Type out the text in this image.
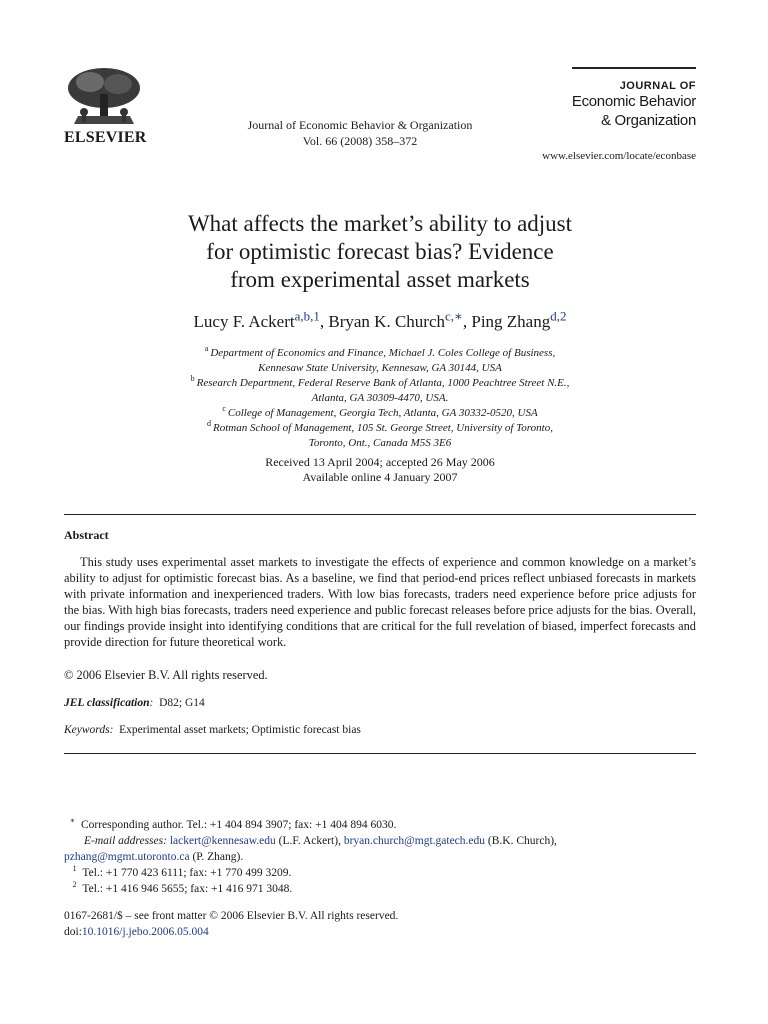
ELSEVIER
Journal of Economic Behavior & Organization
Vol. 66 (2008) 358–372
JOURNAL OF
Economic Behavior
& Organization
www.elsevier.com/locate/econbase
What affects the market’s ability to adjust
for optimistic forecast bias? Evidence
from experimental asset markets
Lucy F. Ackert$^{a,b,1}$, Bryan K. Church$^{c,∗}$, Ping Zhang$^{d,2}$
$^a$ Department of Economics and Finance, Michael J. Coles College of Business,
Kennesaw State University, Kennesaw, GA 30144, USA
$^b$ Research Department, Federal Reserve Bank of Atlanta, 1000 Peachtree Street N.E.,
Atlanta, GA 30309-4470, USA.
$^c$ College of Management, Georgia Tech, Atlanta, GA 30332-0520, USA
$^d$ Rotman School of Management, 105 St. George Street, University of Toronto,
Toronto, Ont., Canada M5S 3E6
Received 13 April 2004; accepted 26 May 2006
Available online 4 January 2007
Abstract
This study uses experimental asset markets to investigate the effects of experience and common knowledge on a market’s ability to adjust for optimistic forecast bias. As a baseline, we find that period-end prices reflect unbiased forecasts in markets with private information and inexperienced traders. With low bias forecasts, traders need experience before price adjusts for the bias. With high bias forecasts, traders need experience and public forecast releases before price adjusts for the bias. Overall, our findings provide insight into identifying conditions that are critical for the full revelation of biased, imperfect forecasts and provide direction for future theoretical work.
© 2006 Elsevier B.V. All rights reserved.
JEL classification: D82; G14
Keywords: Experimental asset markets; Optimistic forecast bias
∗ Corresponding author. Tel.: +1 404 894 3907; fax: +1 404 894 6030.
E-mail addresses: lackert@kennesaw.edu (L.F. Ackert), bryan.church@mgt.gatech.edu (B.K. Church),
pzhang@mgmt.utoronto.ca (P. Zhang).
$^1$ Tel.: +1 770 423 6111; fax: +1 770 499 3209.
$^2$ Tel.: +1 416 946 5655; fax: +1 416 971 3048.
0167-2681/$ – see front matter © 2006 Elsevier B.V. All rights reserved.
doi:10.1016/j.jebo.2006.05.004
